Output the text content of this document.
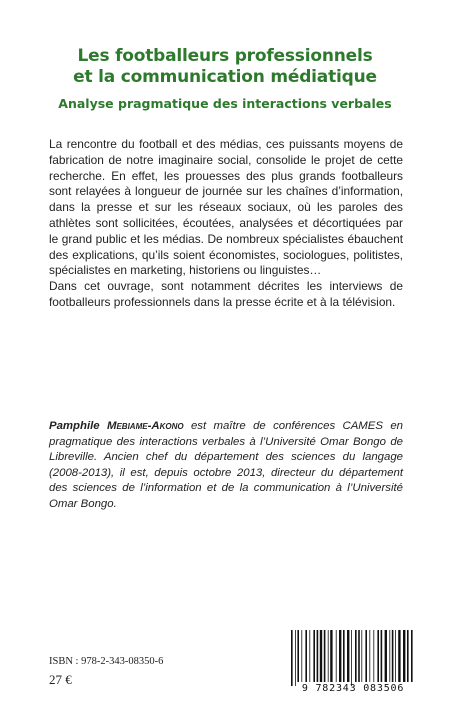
Les footballeurs professionnels
et la communication médiatique
Analyse pragmatique des interactions verbales

La rencontre du football et des médias, ces puissants moyens de fabrication de notre imaginaire social, consolide le projet de cette recherche. En effet, les prouesses des plus grands footballeurs sont relayées à longueur de journée sur les chaînes d’information, dans la presse et sur les réseaux sociaux, où les paroles des athlètes sont sollicitées, écoutées, analysées et décortiquées par le grand public et les médias. De nombreux spécialistes ébauchent des explications, qu’ils soient économistes, sociologues, politistes, spécialistes en marketing, historiens ou linguistes…

Dans cet ouvrage, sont notamment décrites les interviews de footballeurs professionnels dans la presse écrite et à la télévision.

Pamphile Mebiame-Akono est maître de conférences CAMES en pragmatique des interactions verbales à l’Université Omar Bongo de Libreville. Ancien chef du département des sciences du langage (2008-2013), il est, depuis octobre 2013, directeur du département des sciences de l’information et de la communication à l’Université Omar Bongo.
ISBN : 978-2-343-08350-6
27 €
9 782343 083506
